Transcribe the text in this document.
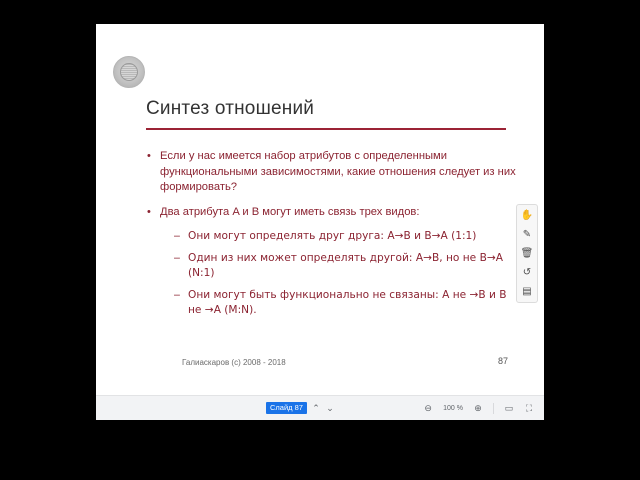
Синтез отношений
• Если у нас имеется набор атрибутов с определенными функциональными зависимостями, какие отношения следует из них формировать?
• Два атрибута A и B могут иметь связь трех видов:
– Они могут определять друг друга: A→B и B→A (1:1)
– Один из них может определять другой: A→B, но не B→A (N:1)
– Они могут быть функционально не связаны: A не →B и B не →A (M:N).
Галиаскаров (с) 2008 - 2018	87
✋
✎
🗑
↺
▤
Слайд 87	⌃ ⌄	⊖ 100 % ⊕	▭ ⛶
